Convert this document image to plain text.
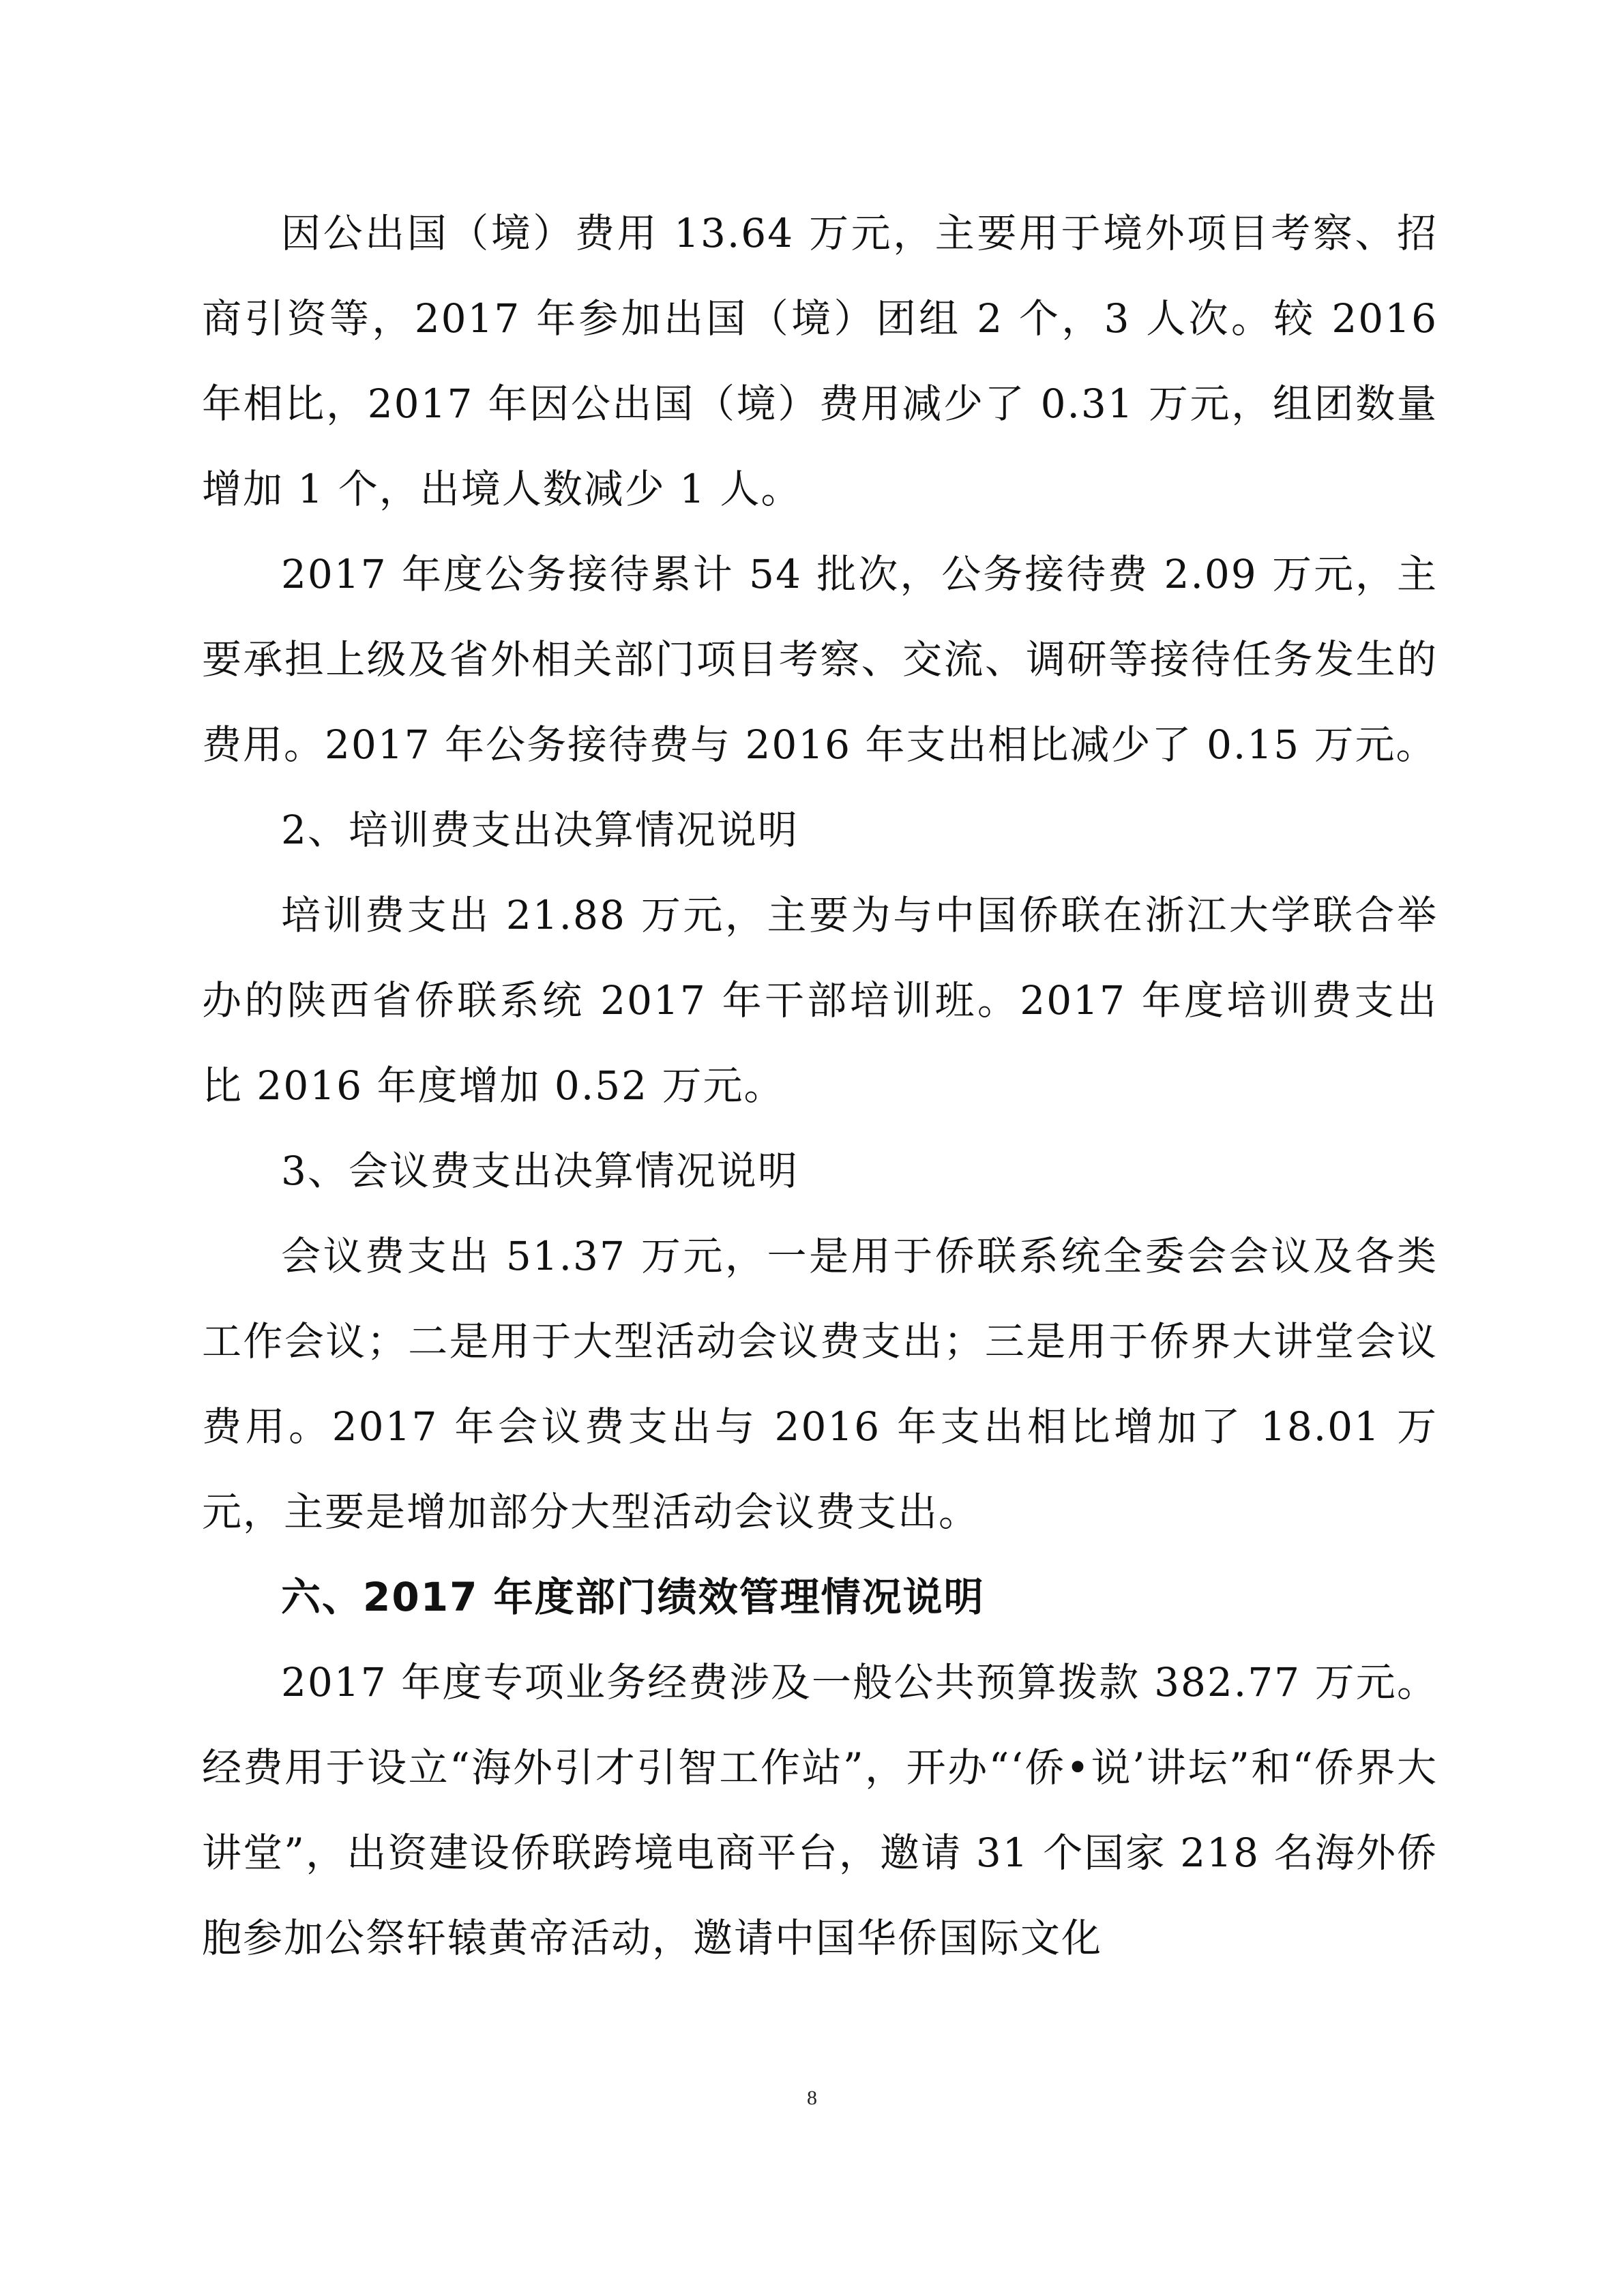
因公出国（境）费用 13.64 万元，主要用于境外项目考察、招商引资等，2017 年参加出国（境）团组 2 个，3 人次。较 2016 年相比，2017 年因公出国（境）费用减少了 0.31 万元，组团数量增加 1 个，出境人数减少 1 人。

2017 年度公务接待累计 54 批次，公务接待费 2.09 万元，主要承担上级及省外相关部门项目考察、交流、调研等接待任务发生的费用。2017 年公务接待费与 2016 年支出相比减少了 0.15 万元。

2、培训费支出决算情况说明

培训费支出 21.88 万元，主要为与中国侨联在浙江大学联合举办的陕西省侨联系统 2017 年干部培训班。2017 年度培训费支出比 2016 年度增加 0.52 万元。

3、会议费支出决算情况说明

会议费支出 51.37 万元，一是用于侨联系统全委会会议及各类工作会议；二是用于大型活动会议费支出；三是用于侨界大讲堂会议费用。2017 年会议费支出与 2016 年支出相比增加了 18.01 万元，主要是增加部分大型活动会议费支出。

六、2017 年度部门绩效管理情况说明

2017 年度专项业务经费涉及一般公共预算拨款 382.77 万元。经费用于设立“海外引才引智工作站”，开办“‘侨•说’讲坛”和“侨界大讲堂”，出资建设侨联跨境电商平台，邀请 31 个国家 218 名海外侨胞参加公祭轩辕黄帝活动，邀请中国华侨国际文化

8
